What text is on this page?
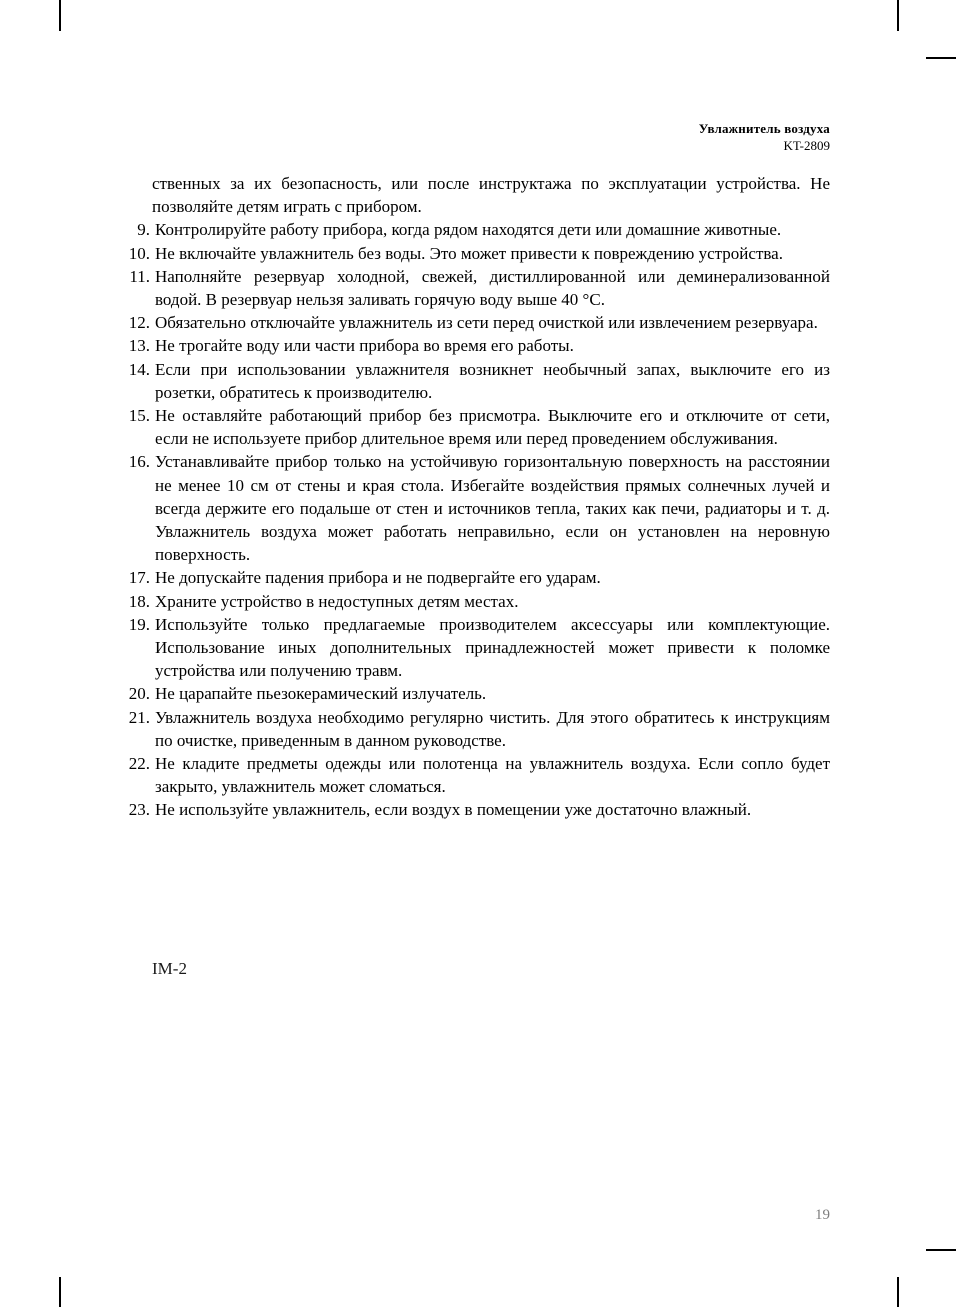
Увлажнитель воздуха
KT-2809

ственных за их безопасность, или после инструктажа по эксплуатации устройства. Не позволяйте детям играть с прибором.

9. Контролируйте работу прибора, когда рядом находятся дети или домашние животные.
10. Не включайте увлажнитель без воды. Это может привести к повреждению устройства.
11. Наполняйте резервуар холодной, свежей, дистиллированной или деминерализованной водой. В резервуар нельзя заливать горячую воду выше 40 °C.
12. Обязательно отключайте увлажнитель из сети перед очисткой или извлечением резервуара.
13. Не трогайте воду или части прибора во время его работы.
14. Если при использовании увлажнителя возникнет необычный запах, выключите его из розетки, обратитесь к производителю.
15. Не оставляйте работающий прибор без присмотра. Выключите его и отключите от сети, если не используете прибор длительное время или перед проведением обслуживания.
16. Устанавливайте прибор только на устойчивую горизонтальную поверхность на расстоянии не менее 10 см от стены и края стола. Избегайте воздействия прямых солнечных лучей и всегда держите его подальше от стен и источников тепла, таких как печи, радиаторы и т. д. Увлажнитель воздуха может работать неправильно, если он установлен на неровную поверхность.
17. Не допускайте падения прибора и не подвергайте его ударам.
18. Храните устройство в недоступных детям местах.
19. Используйте только предлагаемые производителем аксессуары или комплектующие. Использование иных дополнительных принадлежностей может привести к поломке устройства или получению травм.
20. Не царапайте пьезокерамический излучатель.
21. Увлажнитель воздуха необходимо регулярно чистить. Для этого обратитесь к инструкциям по очистке, приведенным в данном руководстве.
22. Не кладите предметы одежды или полотенца на увлажнитель воздуха. Если сопло будет закрыто, увлажнитель может сломаться.
23. Не используйте увлажнитель, если воздух в помещении уже достаточно влажный.
IM-2
19
